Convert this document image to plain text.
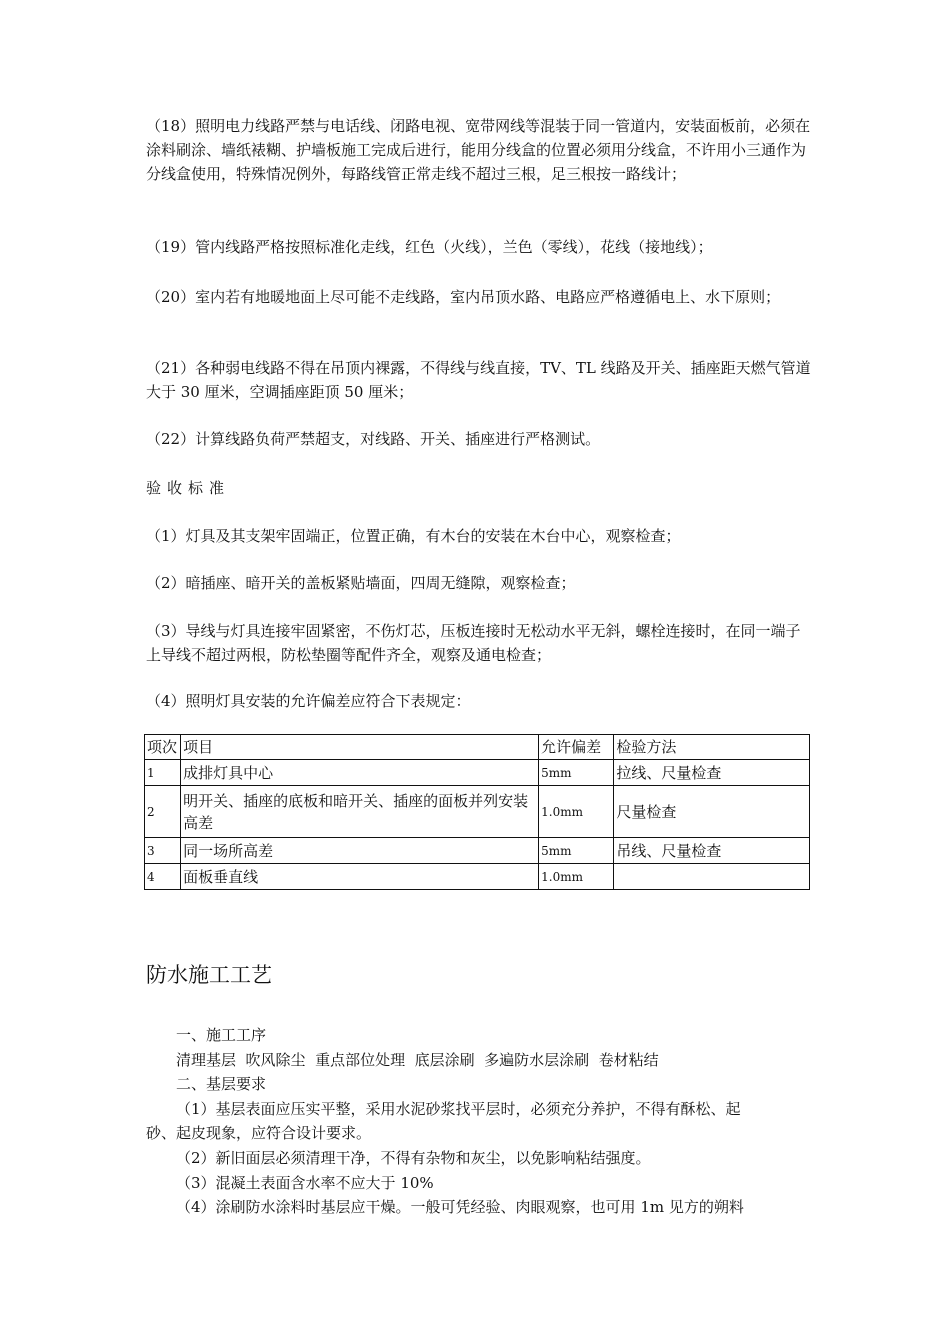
（18）照明电力线路严禁与电话线、闭路电视、宽带网线等混装于同一管道内，安装面板前，必须在涂料刷涂、墙纸裱糊、护墙板施工完成后进行，能用分线盒的位置必须用分线盒，不许用小三通作为分线盒使用，特殊情况例外，每路线管正常走线不超过三根，足三根按一路线计；

（19）管内线路严格按照标准化走线，红色（火线），兰色（零线），花线（接地线）；

（20）室内若有地暖地面上尽可能不走线路，室内吊顶水路、电路应严格遵循电上、水下原则；

（21）各种弱电线路不得在吊顶内裸露，不得线与线直接，TV、TL 线路及开关、插座距天燃气管道大于 30 厘米，空调插座距顶 50 厘米；

（22）计算线路负荷严禁超支，对线路、开关、插座进行严格测试。

验收标准

（1）灯具及其支架牢固端正，位置正确，有木台的安装在木台中心，观察检查；

（2）暗插座、暗开关的盖板紧贴墙面，四周无缝隙，观察检查；

（3）导线与灯具连接牢固紧密，不伤灯芯，压板连接时无松动水平无斜，螺栓连接时，在同一端子上导线不超过两根，防松垫圈等配件齐全，观察及通电检查；

（4）照明灯具安装的允许偏差应符合下表规定：

项次	项目	允许偏差	检验方法
1	成排灯具中心	5mm	拉线、尺量检查
2	明开关、插座的底板和暗开关、插座的面板并列安装高差	1.0mm	尺量检查
3	同一场所高差	5mm	吊线、尺量检查
4	面板垂直线	1.0mm	
防水施工工艺

一、施工工序

清理基层  吹风除尘  重点部位处理  底层涂刷  多遍防水层涂刷  卷材粘结

二、基层要求

（1）基层表面应压实平整，采用水泥砂浆找平层时，必须充分养护，不得有酥松、起

砂、起皮现象，应符合设计要求。

（2）新旧面层必须清理干净，不得有杂物和灰尘，以免影响粘结强度。

（3）混凝土表面含水率不应大于 10%

（4）涂刷防水涂料时基层应干燥。一般可凭经验、肉眼观察，也可用 1m 见方的朔料
